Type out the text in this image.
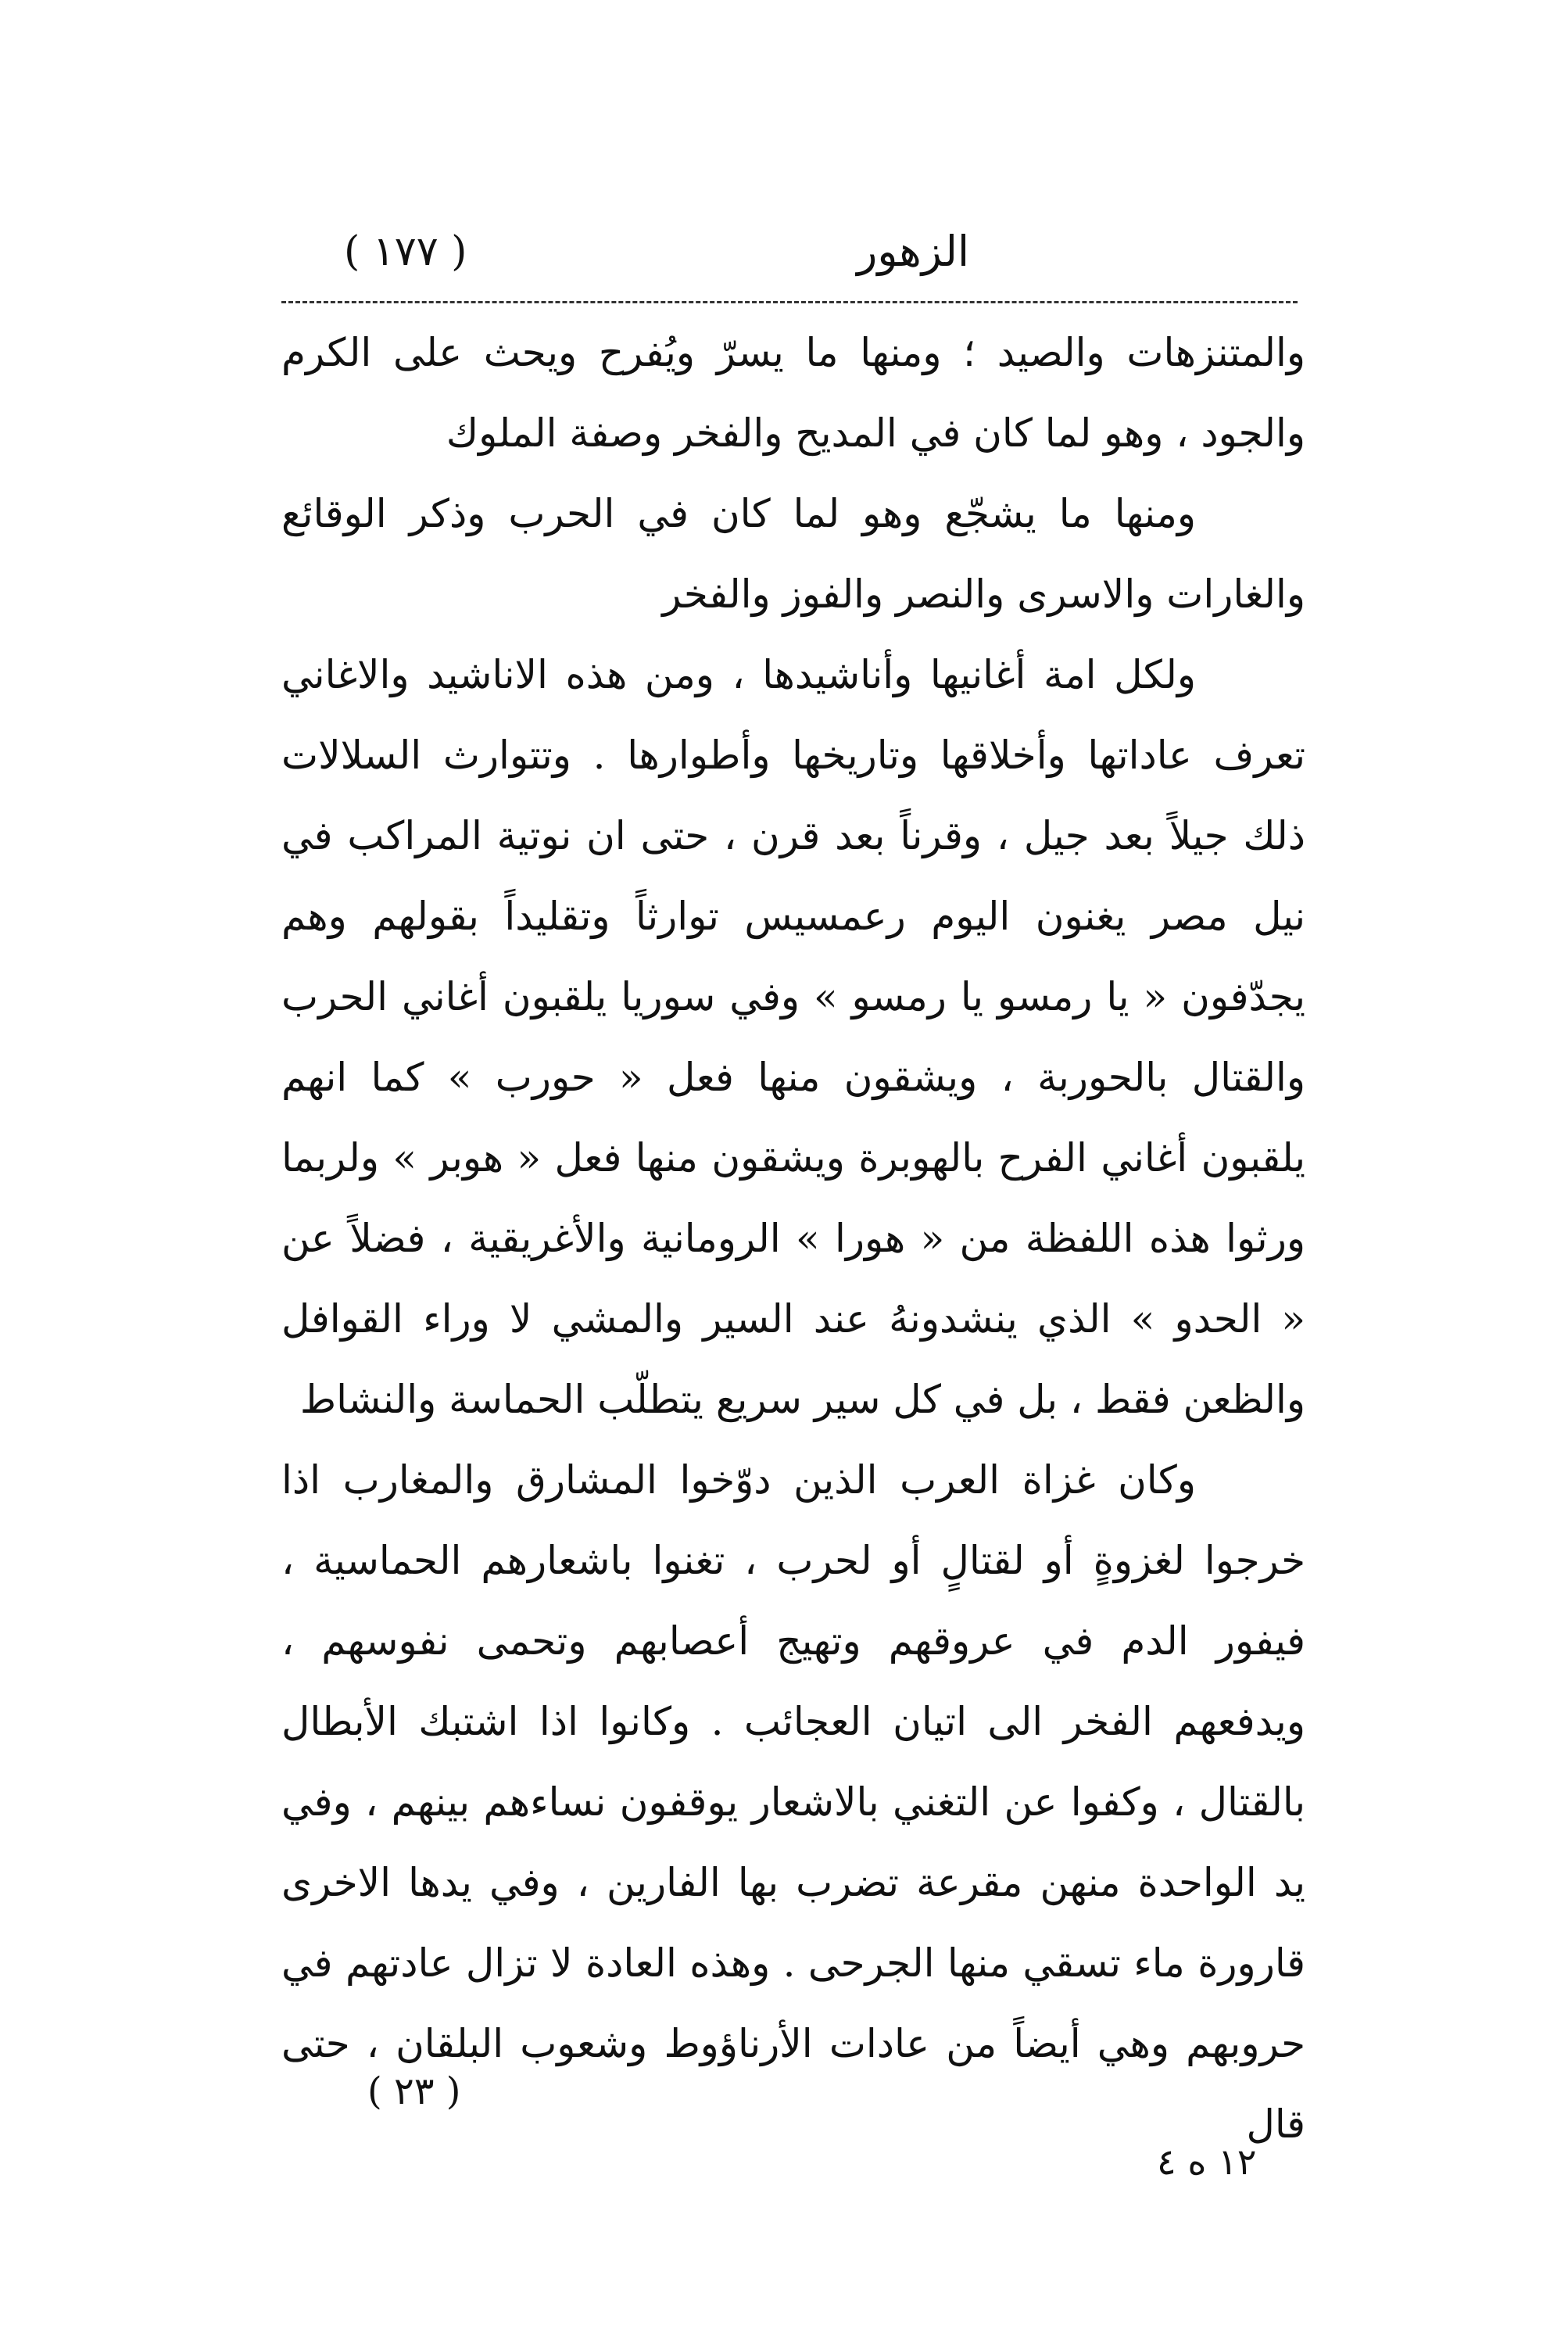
الزهور
( ١٧٧ )

والمتنزهات والصيد ؛ ومنها ما يسرّ ويُفرح ويحث على الكرم والجود ، وهو لما كان في المديح والفخر وصفة الملوك

ومنها ما يشجّع وهو لما كان في الحرب وذكر الوقائع والغارات والاسرى والنصر والفوز والفخر

ولكل امة أغانيها وأناشيدها ، ومن هذه الاناشيد والاغاني تعرف عاداتها وأخلاقها وتاريخها وأطوارها . وتتوارث السلالات ذلك جيلاً بعد جيل ، وقرناً بعد قرن ، حتى ان نوتية المراكب في نيل مصر يغنون اليوم رعمسيس توارثاً وتقليداً بقولهم وهم يجدّفون « يا رمسو يا رمسو » وفي سوريا يلقبون أغاني الحرب والقتال بالحوربة ، ويشقون منها فعل « حورب » كما انهم يلقبون أغاني الفرح بالهوبرة ويشقون منها فعل « هوبر » ولربما ورثوا هذه اللفظة من « هورا » الرومانية والأغريقية ، فضلاً عن « الحدو » الذي ينشدونهُ عند السير والمشي لا وراء القوافل والظعن فقط ، بل في كل سير سريع يتطلّب الحماسة والنشاط

وكان غزاة العرب الذين دوّخوا المشارق والمغارب اذا خرجوا لغزوةٍ أو لقتالٍ أو لحرب ، تغنوا باشعارهم الحماسية ، فيفور الدم في عروقهم وتهيج أعصابهم وتحمى نفوسهم ، ويدفعهم الفخر الى اتيان العجائب . وكانوا اذا اشتبك الأبطال بالقتال ، وكفوا عن التغني بالاشعار يوقفون نساءهم بينهم ، وفي يد الواحدة منهن مقرعة تضرب بها الفارين ، وفي يدها الاخرى قارورة ماء تسقي منها الجرحى . وهذه العادة لا تزال عادتهم في حروبهم وهي أيضاً من عادات الأرناؤوط وشعوب البلقان ، حتى قال

( ٢٣ )
١٢ ه ٤
